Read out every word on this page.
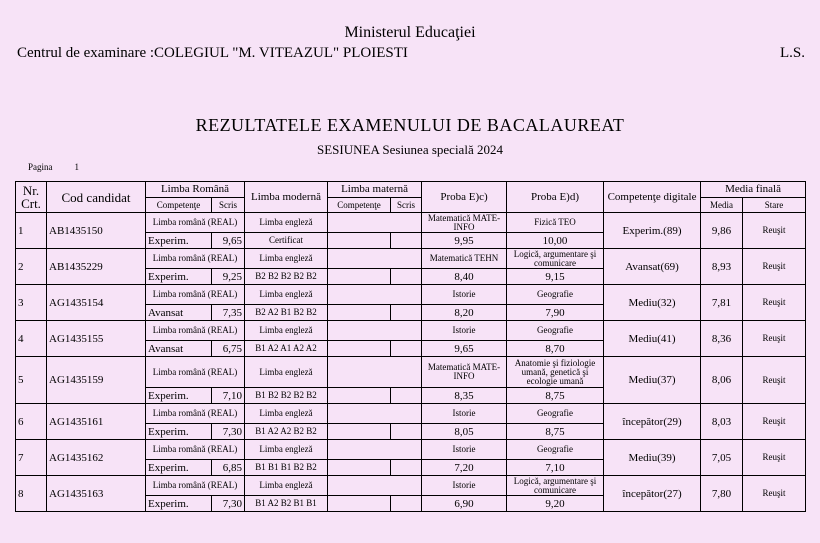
Ministerul Educaţiei
Centrul de examinare :COLEGIUL "M. VITEAZUL" PLOIESTI	L.S.
REZULTATELE EXAMENULUI DE BACALAUREAT
SESIUNEA Sesiunea specială 2024
Pagina 1
Nr. Crt.	Cod candidat	Limba Română		Limba modernă	Limba maternă		Proba E)c)	Proba E)d)	Competenţe digitale	Media finală	
		Competenţe	Scris		Competenţe	Scris				Media	Stare
1	AB1435150	Limba română (REAL)		Limba engleză			Matematică MATE-INFO	Fizică TEO	Experim.(89)	9,86	Reuşit
		Experim.	9,65	Certificat			9,95	10,00			
2	AB1435229	Limba română (REAL)		Limba engleză			Matematică TEHN	Logică, argumentare şi comunicare	Avansat(69)	8,93	Reuşit
		Experim.	9,25	B2 B2 B2 B2 B2			8,40	9,15			
3	AG1435154	Limba română (REAL)		Limba engleză			Istorie	Geografie	Mediu(32)	7,81	Reuşit
		Avansat	7,35	B2 A2 B1 B2 B2			8,20	7,90			
4	AG1435155	Limba română (REAL)		Limba engleză			Istorie	Geografie	Mediu(41)	8,36	Reuşit
		Avansat	6,75	B1 A2 A1 A2 A2			9,65	8,70			
5	AG1435159	Limba română (REAL)		Limba engleză			Matematică MATE-INFO	Anatomie şi fiziologie umană, genetică şi ecologie umană	Mediu(37)	8,06	Reuşit
		Experim.	7,10	B1 B2 B2 B2 B2			8,35	8,75			
6	AG1435161	Limba română (REAL)		Limba engleză			Istorie	Geografie	începător(29)	8,03	Reuşit
		Experim.	7,30	B1 A2 A2 B2 B2			8,05	8,75			
7	AG1435162	Limba română (REAL)		Limba engleză			Istorie	Geografie	Mediu(39)	7,05	Reuşit
		Experim.	6,85	B1 B1 B1 B2 B2			7,20	7,10			
8	AG1435163	Limba română (REAL)		Limba engleză			Istorie	Logică, argumentare şi comunicare	începător(27)	7,80	Reuşit
		Experim.	7,30	B1 A2 B2 B1 B1			6,90	9,20			
